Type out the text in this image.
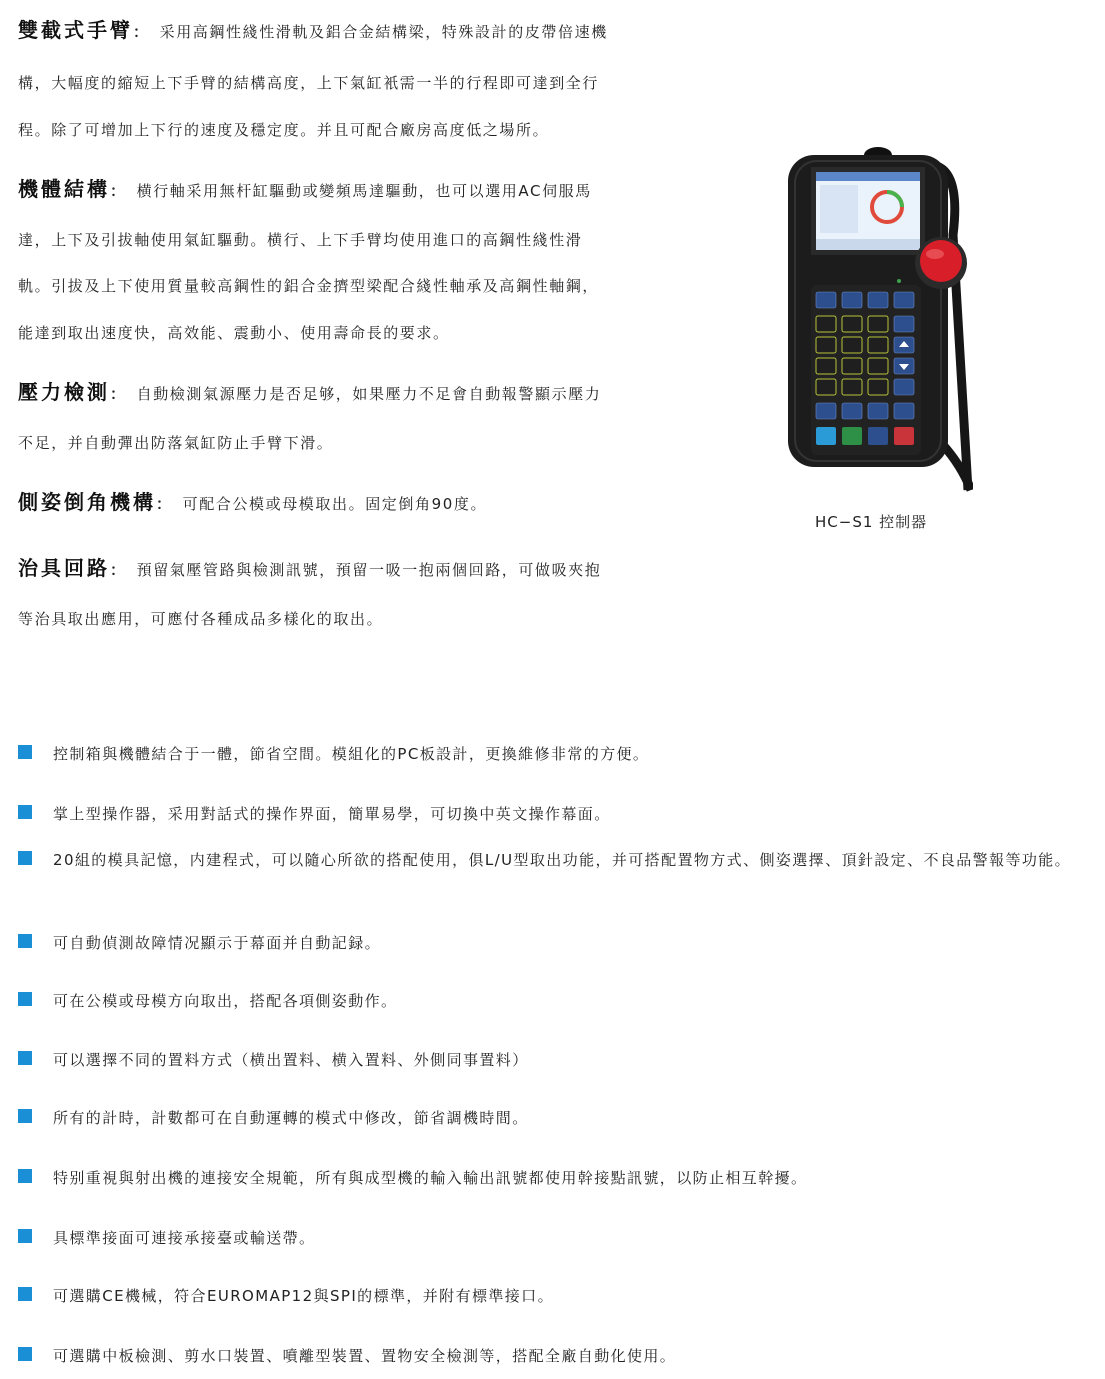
雙截式手臂： 采用高鋼性綫性滑軌及鋁合金結構梁，特殊設計的皮帶倍速機
構，大幅度的縮短上下手臂的結構高度，上下氣缸衹需一半的行程即可達到全行
程。除了可增加上下行的速度及穩定度。并且可配合廠房高度低之場所。
機體結構： 横行軸采用無杆缸驅動或變頻馬達驅動，也可以選用AC伺服馬
達，上下及引拔軸使用氣缸驅動。横行、上下手臂均使用進口的高鋼性綫性滑
軌。引拔及上下使用質量較高鋼性的鋁合金擠型梁配合綫性軸承及高鋼性軸鋼，
能達到取出速度快，高效能、震動小、使用壽命長的要求。
壓力檢測： 自動檢測氣源壓力是否足够，如果壓力不足會自動報警顯示壓力
不足，并自動彈出防落氣缸防止手臂下滑。
側姿倒角機構： 可配合公模或母模取出。固定倒角90度。
治具回路： 預留氣壓管路與檢測訊號，預留一吸一抱兩個回路，可做吸夾抱
等治具取出應用，可應付各種成品多樣化的取出。
HC−S1 控制器
控制箱與機體結合于一體，節省空間。模組化的PC板設計，更換維修非常的方便。
掌上型操作器，采用對話式的操作界面，簡單易學，可切換中英文操作幕面。
20組的模具記憶，内建程式，可以隨心所欲的搭配使用，俱L/U型取出功能，并可搭配置物方式、側姿選擇、頂針設定、不良品警報等功能。
可自動偵測故障情况顯示于幕面并自動記録。
可在公模或母模方向取出，搭配各項側姿動作。
可以選擇不同的置料方式（横出置料、横入置料、外側同事置料）
所有的計時，計數都可在自動運轉的模式中修改，節省調機時間。
特别重視與射出機的連接安全規範，所有與成型機的輸入輸出訊號都使用幹接點訊號，以防止相互幹擾。
具標準接面可連接承接臺或輸送帶。
可選購CE機械，符合EUROMAP12與SPI的標準，并附有標準接口。
可選購中板檢測、剪水口裝置、噴離型裝置、置物安全檢測等，搭配全廠自動化使用。
